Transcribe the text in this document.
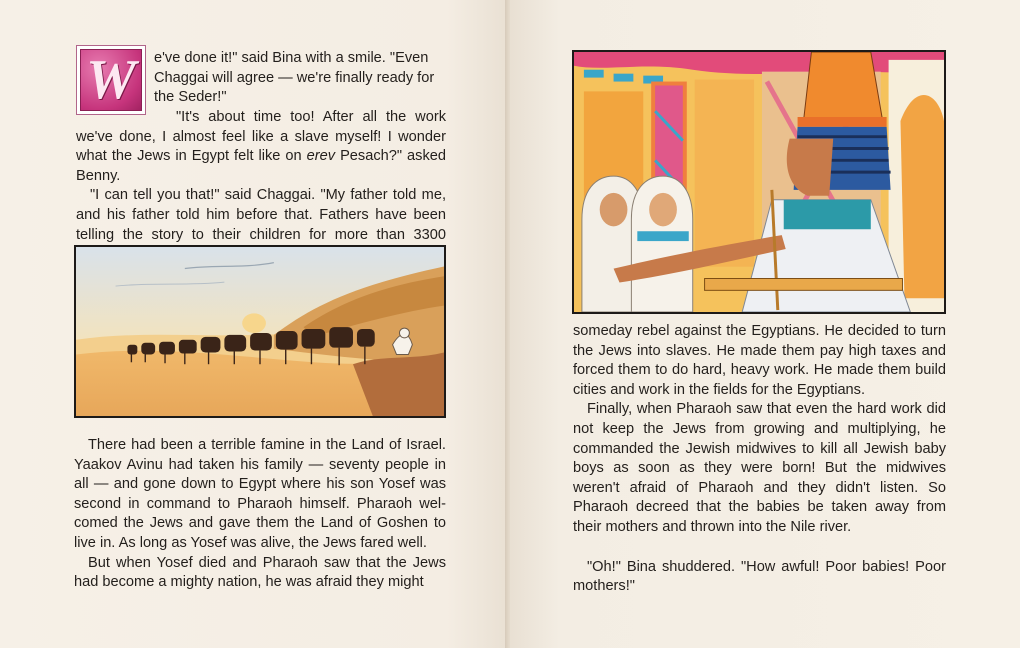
W e've done it!" said Bina with a smile. "Even

Chaggai will agree — we're finally ready for

the Seder!"

"It's about time too! After all the work we've done, I almost feel like a slave myself! I wonder what the Jews in Egypt felt like on erev Pesach?" asked Benny.

"I can tell you that!" said Chaggai. "My father told me, and his father told him before that. Fathers have been telling the story to their children for more than 3300

There had been a terrible famine in the Land of Israel. Yaakov Avinu had taken his family — seventy people in all — and gone down to Egypt where his son Yosef was second in command to Pharaoh himself. Pharaoh wel-comed the Jews and gave them the Land of Goshen to live in. As long as Yosef was alive, the Jews fared well.

But when Yosef died and Pharaoh saw that the Jews had become a mighty nation, he was afraid they might

someday rebel against the Egyptians. He decided to turn the Jews into slaves. He made them pay high taxes and forced them to do hard, heavy work. He made them build cities and work in the fields for the Egyptians.

Finally, when Pharaoh saw that even the hard work did not keep the Jews from growing and multiplying, he commanded the Jewish midwives to kill all Jewish baby boys as soon as they were born! But the midwives weren't afraid of Pharaoh and they didn't listen. So Pharaoh decreed that the babies be taken away from their mothers and thrown into the Nile river.

"Oh!" Bina shuddered. "How awful! Poor babies! Poor mothers!"
